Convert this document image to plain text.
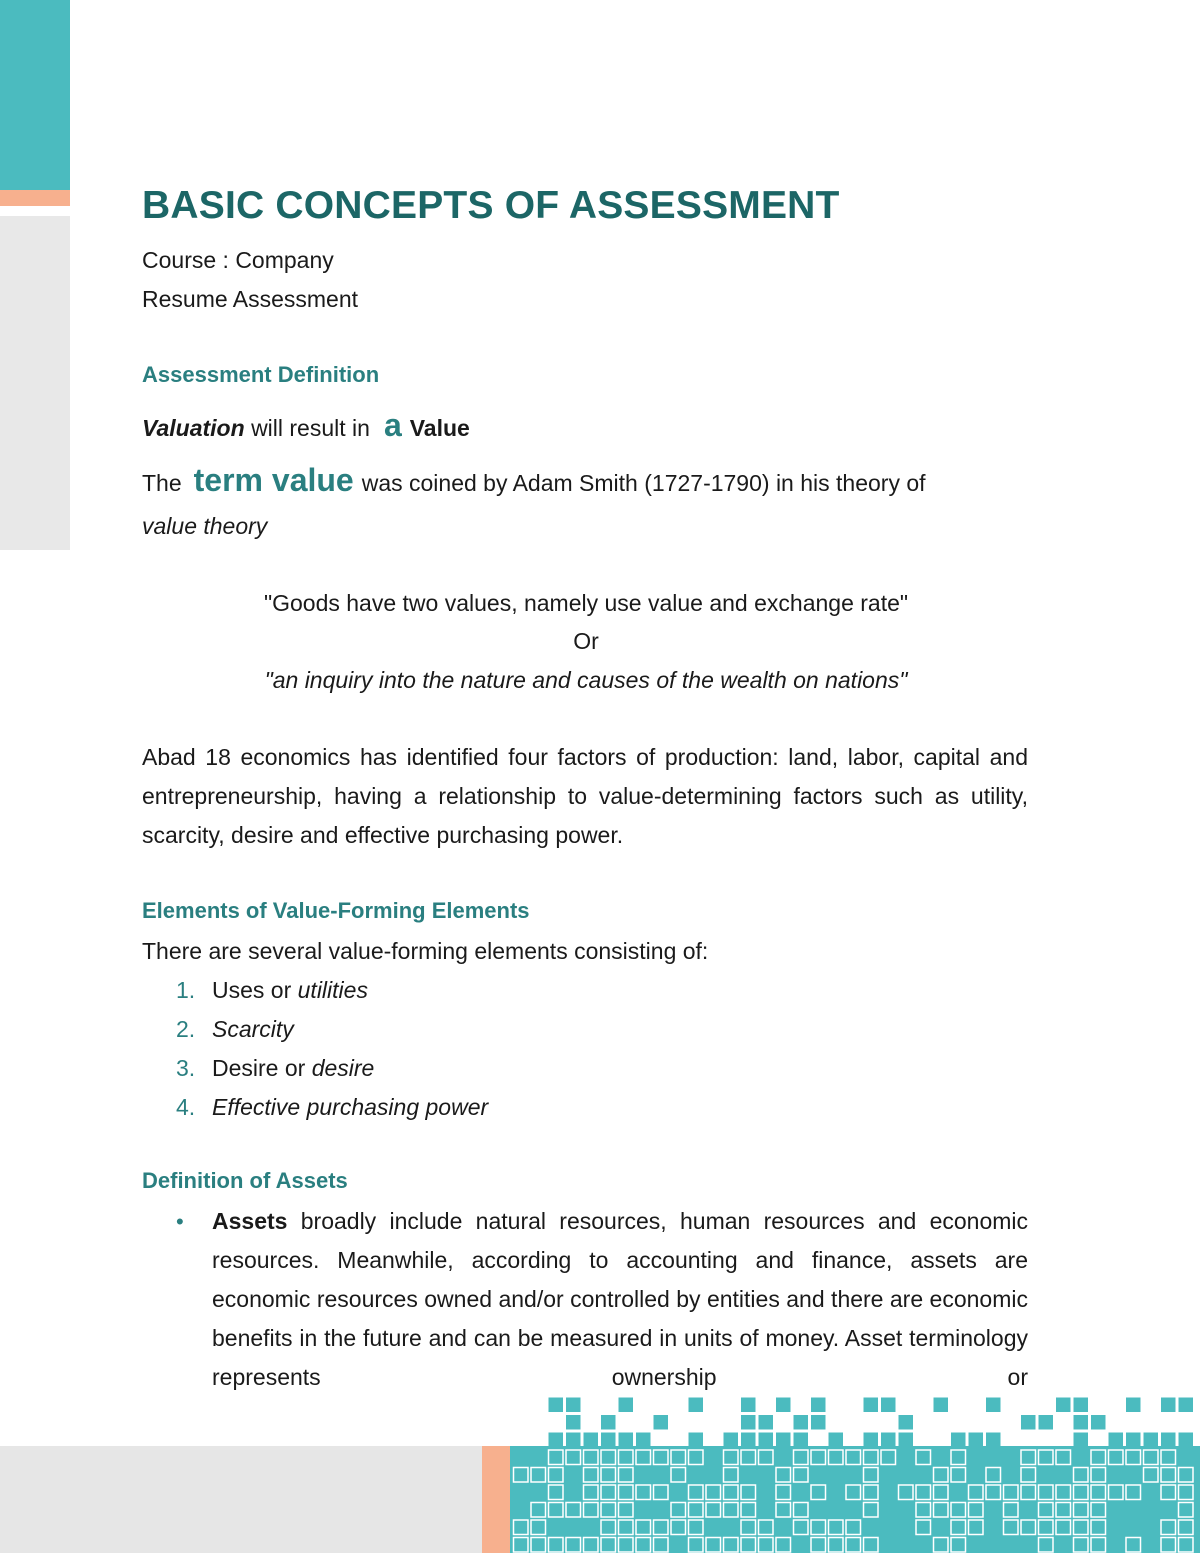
BASIC CONCEPTS OF ASSESSMENT
Course : Company
Resume Assessment
Assessment Definition
Valuation will result in a Value
The term value was coined by Adam Smith (1727-1790) in his theory of
value theory
"Goods have two values, namely use value and exchange rate"
Or
"an inquiry into the nature and causes of the wealth on nations"

Abad 18 economics has identified four factors of production: land, labor, capital and entrepreneurship, having a relationship to value-determining factors such as utility, scarcity, desire and effective purchasing power.

Elements of Value-Forming Elements
There are several value-forming elements consisting of:
1. Uses or utilities
2. Scarcity
3. Desire or desire
4. Effective purchasing power
Definition of Assets
• Assets broadly include natural resources, human resources and economic resources. Meanwhile, according to accounting and finance, assets are economic resources owned and/or controlled by entities and there are economic benefits in the future and can be measured in units of money. Asset terminology represents ownership or
